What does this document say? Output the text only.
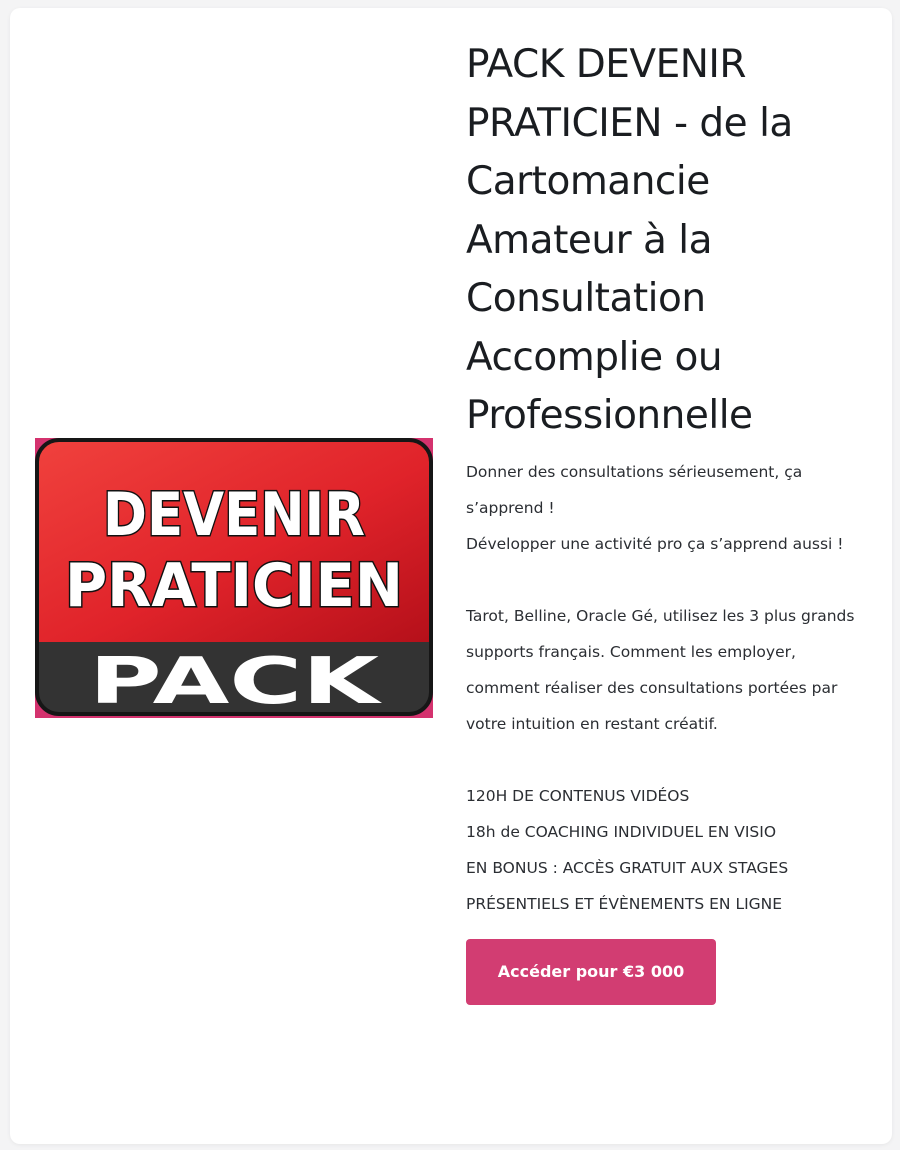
DEVENIR
PRATICIEN
PACK
PACK DEVENIR PRATICIEN - de la Cartomancie Amateur à la Consultation Accomplie ou Professionnelle

Donner des consultations sérieusement, ça s’apprend !

Développer une activité pro ça s’apprend aussi !

Tarot, Belline, Oracle Gé, utilisez les 3 plus grands supports français. Comment les employer, comment réaliser des consultations portées par votre intuition en restant créatif.

120H DE CONTENUS VIDÉOS

18h de COACHING INDIVIDUEL EN VISIO

EN BONUS : ACCÈS GRATUIT AUX STAGES PRÉSENTIELS ET ÉVÈNEMENTS EN LIGNE

Accéder pour €3 000
